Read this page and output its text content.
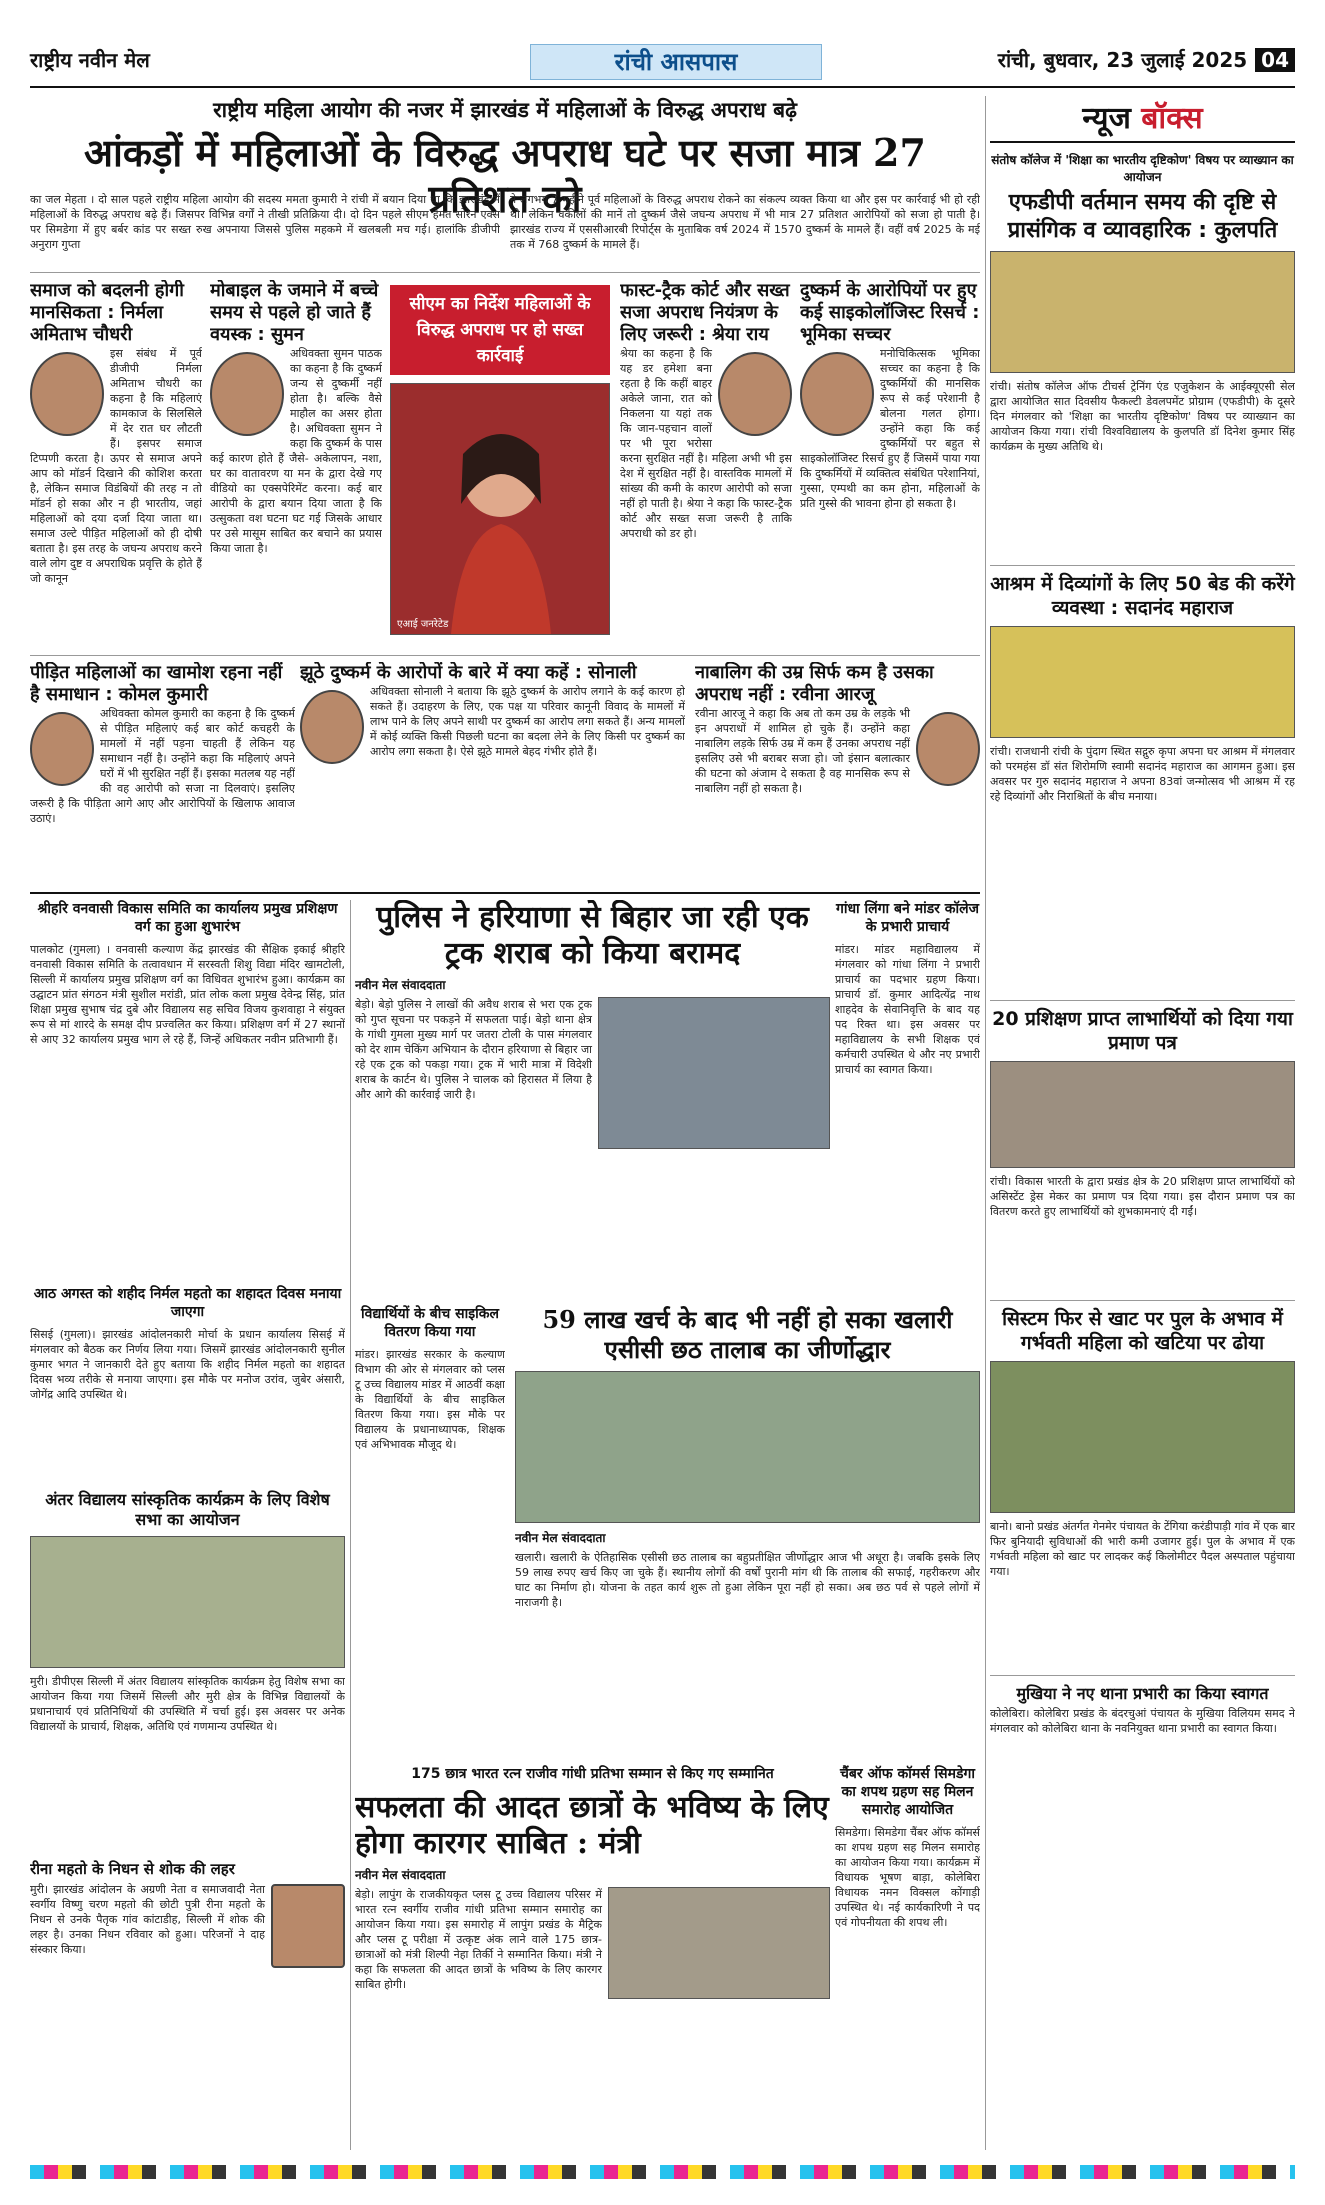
राष्ट्रीय नवीन मेल	रांची आसपास	रांची, बुधवार, 23 जुलाई 2025 04
राष्ट्रीय महिला आयोग की नजर में झारखंड में महिलाओं के विरुद्ध अपराध बढ़े
आंकड़ों में महिलाओं के विरुद्ध अपराध घटे पर सजा मात्र 27 प्रतिशत को
का जल मेहता । दो साल पहले राष्ट्रीय महिला आयोग की सदस्य ममता कुमारी ने रांची में बयान दिया था कि झारखंड में महिलाओं के विरुद्ध अपराध बढ़े हैं। जिसपर विभिन्न वर्गों ने तीखी प्रतिक्रिया दी। दो दिन पहले सीएम हेमंत सोरेन एक्स पर सिमडेगा में हुए बर्बर कांड पर सख्त रुख अपनाया जिससे पुलिस महकमे में खलबली मच गई। हालांकि डीजीपी अनुराग गुप्ता
ने लगभग 7 महीने पूर्व महिलाओं के विरुद्ध अपराध रोकने का संकल्प व्यक्त किया था और इस पर कार्रवाई भी हो रही थी। लेकिन वकीलों की मानें तो दुष्कर्म जैसे जघन्य अपराध में भी मात्र 27 प्रतिशत आरोपियों को सजा हो पाती है। झारखंड राज्य में एससीआरबी रिपोर्ट्स के मुताबिक वर्ष 2024 में 1570 दुष्कर्म के मामले हैं। वहीं वर्ष 2025 के मई तक में 768 दुष्कर्म के मामले हैं।
समाज को बदलनी होगी मानसिकता : निर्मला अमिताभ चौधरी
इस संबंध में पूर्व डीजीपी निर्मला अमिताभ चौधरी का कहना है कि महिलाएं कामकाज के सिलसिले में देर रात घर लौटती हैं। इसपर समाज टिप्पणी करता है। ऊपर से समाज अपने आप को मॉडर्न दिखाने की कोशिश करता है, लेकिन समाज विडंबियों की तरह न तो मॉडर्न हो सका और न ही भारतीय, जहां महिलाओं को दया दर्जा दिया जाता था। समाज उल्टे पीड़ित महिलाओं को ही दोषी बताता है। इस तरह के जघन्य अपराध करने वाले लोग दुष्ट व अपराधिक प्रवृत्ति के होते हैं जो कानून
मोबाइल के जमाने में बच्चे समय से पहले हो जाते हैं वयस्क : सुमन
अधिवक्ता सुमन पाठक का कहना है कि दुष्कर्म जन्य से दुष्कर्मी नहीं होता है। बल्कि वैसे माहौल का असर होता है। अधिवक्ता सुमन ने कहा कि दुष्कर्म के पास कई कारण होते हैं जैसे- अकेलापन, नशा, घर का वातावरण या मन के द्वारा देखे गए वीडियो का एक्सपेरिमेंट करना। कई बार आरोपी के द्वारा बयान दिया जाता है कि उत्सुकता वश घटना घट गई जिसके आधार पर उसे मासूम साबित कर बचाने का प्रयास किया जाता है।
सीएम का निर्देश महिलाओं के विरुद्ध अपराध पर हो सख्त कार्रवाई
एआई जनरेटेड
फास्ट-ट्रैक कोर्ट और सख्त सजा अपराध नियंत्रण के लिए जरूरी : श्रेया राय
श्रेया का कहना है कि यह डर हमेशा बना रहता है कि कहीं बाहर अकेले जाना, रात को निकलना या यहां तक कि जान-पहचान वालों पर भी पूरा भरोसा करना सुरक्षित नहीं है। महिला अभी भी इस देश में सुरक्षित नहीं है। वास्तविक मामलों में सांख्य की कमी के कारण आरोपी को सजा नहीं हो पाती है। श्रेया ने कहा कि फास्ट-ट्रैक कोर्ट और सख्त सजा जरूरी है ताकि अपराधी को डर हो।
दुष्कर्म के आरोपियों पर हुए कई साइकोलॉजिस्ट रिसर्च : भूमिका सच्चर
मनोचिकित्सक भूमिका सच्चर का कहना है कि दुष्कर्मियों की मानसिक रूप से कई परेशानी है बोलना गलत होगा। उन्होंने कहा कि कई दुष्कर्मियों पर बहुत से साइकोलॉजिस्ट रिसर्च हुए हैं जिसमें पाया गया कि दुष्कर्मियों में व्यक्तित्व संबंधित परेशानियां, गुस्सा, एम्पथी का कम होना, महिलाओं के प्रति गुस्से की भावना होना हो सकता है।
पीड़ित महिलाओं का खामोश रहना नहीं है समाधान : कोमल कुमारी
अधिवक्ता कोमल कुमारी का कहना है कि दुष्कर्म से पीड़ित महिलाएं कई बार कोर्ट कचहरी के मामलों में नहीं पड़ना चाहती हैं लेकिन यह समाधान नहीं है। उन्होंने कहा कि महिलाएं अपने घरों में भी सुरक्षित नहीं हैं। इसका मतलब यह नहीं की वह आरोपी को सजा ना दिलवाएं। इसलिए जरूरी है कि पीड़िता आगे आए और आरोपियों के खिलाफ आवाज उठाएं।
झूठे दुष्कर्म के आरोपों के बारे में क्या कहें : सोनाली
अधिवक्ता सोनाली ने बताया कि झूठे दुष्कर्म के आरोप लगाने के कई कारण हो सकते हैं। उदाहरण के लिए, एक पक्ष या परिवार कानूनी विवाद के मामलों में लाभ पाने के लिए अपने साथी पर दुष्कर्म का आरोप लगा सकते हैं। अन्य मामलों में कोई व्यक्ति किसी पिछली घटना का बदला लेने के लिए किसी पर दुष्कर्म का आरोप लगा सकता है। ऐसे झूठे मामले बेहद गंभीर होते हैं।
नाबालिग की उम्र सिर्फ कम है उसका अपराध नहीं : रवीना आरजू
रवीना आरजू ने कहा कि अब तो कम उम्र के लड़के भी इन अपराधों में शामिल हो चुके हैं। उन्होंने कहा नाबालिग लड़के सिर्फ उम्र में कम हैं उनका अपराध नहीं इसलिए उसे भी बराबर सजा हो। जो इंसान बलात्कार की घटना को अंजाम दे सकता है वह मानसिक रूप से नाबालिग नहीं हो सकता है।
श्रीहरि वनवासी विकास समिति का कार्यालय प्रमुख प्रशिक्षण वर्ग का हुआ शुभारंभ
पालकोट (गुमला) । वनवासी कल्याण केंद्र झारखंड की सैक्षिक इकाई श्रीहरि वनवासी विकास समिति के तत्वावधान में सरस्वती शिशु विद्या मंदिर खामटोली, सिल्ली में कार्यालय प्रमुख प्रशिक्षण वर्ग का विधिवत शुभारंभ हुआ। कार्यक्रम का उद्घाटन प्रांत संगठन मंत्री सुशील मरांडी, प्रांत लोक कला प्रमुख देवेन्द्र सिंह, प्रांत शिक्षा प्रमुख सुभाष चंद्र दुबे और विद्यालय सह सचिव विजय कुशवाहा ने संयुक्त रूप से मां शारदे के समक्ष दीप प्रज्वलित कर किया। प्रशिक्षण वर्ग में 27 स्थानों से आए 32 कार्यालय प्रमुख भाग ले रहे हैं, जिन्हें अधिकतर नवीन प्रतिभागी हैं।
आठ अगस्त को शहीद निर्मल महतो का शहादत दिवस मनाया जाएगा
सिसई (गुमला)। झारखंड आंदोलनकारी मोर्चा के प्रधान कार्यालय सिसई में मंगलवार को बैठक कर निर्णय लिया गया। जिसमें झारखंड आंदोलनकारी सुनील कुमार भगत ने जानकारी देते हुए बताया कि शहीद निर्मल महतो का शहादत दिवस भव्य तरीके से मनाया जाएगा। इस मौके पर मनोज उरांव, जुबेर अंसारी, जोगेंद्र आदि उपस्थित थे।
अंतर विद्यालय सांस्कृतिक कार्यक्रम के लिए विशेष सभा का आयोजन
मुरी। डीपीएस सिल्ली में अंतर विद्यालय सांस्कृतिक कार्यक्रम हेतु विशेष सभा का आयोजन किया गया जिसमें सिल्ली और मुरी क्षेत्र के विभिन्न विद्यालयों के प्रधानाचार्य एवं प्रतिनिधियों की उपस्थिति में चर्चा हुई। इस अवसर पर अनेक विद्यालयों के प्राचार्य, शिक्षक, अतिथि एवं गणमान्य उपस्थित थे।
रीना महतो के निधन से शोक की लहर
मुरी। झारखंड आंदोलन के अग्रणी नेता व समाजवादी नेता स्वर्गीय विष्णु चरण महतो की छोटी पुत्री रीना महतो के निधन से उनके पैतृक गांव कांटाडीह, सिल्ली में शोक की लहर है। उनका निधन रविवार को हुआ। परिजनों ने दाह संस्कार किया।
पुलिस ने हरियाणा से बिहार जा रही एक ट्रक शराब को किया बरामद
नवीन मेल संवाददाता
बेड़ो। बेड़ो पुलिस ने लाखों की अवैध शराब से भरा एक ट्रक को गुप्त सूचना पर पकड़ने में सफलता पाई। बेड़ो थाना क्षेत्र के गांधी गुमला मुख्य मार्ग पर जतरा टोली के पास मंगलवार को देर शाम चेकिंग अभियान के दौरान हरियाणा से बिहार जा रहे एक ट्रक को पकड़ा गया। ट्रक में भारी मात्रा में विदेशी शराब के कार्टन थे। पुलिस ने चालक को हिरासत में लिया है और आगे की कार्रवाई जारी है।
गांधा लिंगा बने मांडर कॉलेज के प्रभारी प्राचार्य
मांडर। मांडर महाविद्यालय में मंगलवार को गांधा लिंगा ने प्रभारी प्राचार्य का पदभार ग्रहण किया। प्राचार्य डॉ. कुमार आदित्येंद्र नाथ शाहदेव के सेवानिवृत्ति के बाद यह पद रिक्त था। इस अवसर पर महाविद्यालय के सभी शिक्षक एवं कर्मचारी उपस्थित थे और नए प्रभारी प्राचार्य का स्वागत किया।
विद्यार्थियों के बीच साइकिल वितरण किया गया
मांडर। झारखंड सरकार के कल्याण विभाग की ओर से मंगलवार को प्लस टू उच्च विद्यालय मांडर में आठवीं कक्षा के विद्यार्थियों के बीच साइकिल वितरण किया गया। इस मौके पर विद्यालय के प्रधानाध्यापक, शिक्षक एवं अभिभावक मौजूद थे।
59 लाख खर्च के बाद भी नहीं हो सका खलारी एसीसी छठ तालाब का जीर्णोद्धार
नवीन मेल संवाददाता
खलारी। खलारी के ऐतिहासिक एसीसी छठ तालाब का बहुप्रतीक्षित जीर्णोद्धार आज भी अधूरा है। जबकि इसके लिए 59 लाख रुपए खर्च किए जा चुके हैं। स्थानीय लोगों की वर्षों पुरानी मांग थी कि तालाब की सफाई, गहरीकरण और घाट का निर्माण हो। योजना के तहत कार्य शुरू तो हुआ लेकिन पूरा नहीं हो सका। अब छठ पर्व से पहले लोगों में नाराजगी है।
175 छात्र भारत रत्न राजीव गांधी प्रतिभा सम्मान से किए गए सम्मानित
सफलता की आदत छात्रों के भविष्य के लिए होगा कारगर साबित : मंत्री
नवीन मेल संवाददाता
बेड़ो। लापुंग के राजकीयकृत प्लस टू उच्च विद्यालय परिसर में भारत रत्न स्वर्गीय राजीव गांधी प्रतिभा सम्मान समारोह का आयोजन किया गया। इस समारोह में लापुंग प्रखंड के मैट्रिक और प्लस टू परीक्षा में उत्कृष्ट अंक लाने वाले 175 छात्र-छात्राओं को मंत्री शिल्पी नेहा तिर्की ने सम्मानित किया। मंत्री ने कहा कि सफलता की आदत छात्रों के भविष्य के लिए कारगर साबित होगी।
चैंबर ऑफ कॉमर्स सिमडेगा का शपथ ग्रहण सह मिलन समारोह आयोजित
सिमडेगा। सिमडेगा चैंबर ऑफ कॉमर्स का शपथ ग्रहण सह मिलन समारोह का आयोजन किया गया। कार्यक्रम में विधायक भूषण बाड़ा, कोलेबिरा विधायक नमन विक्सल कोंगाड़ी उपस्थित थे। नई कार्यकारिणी ने पद एवं गोपनीयता की शपथ ली।
न्यूज बॉक्स
संतोष कॉलेज में 'शिक्षा का भारतीय दृष्टिकोण' विषय पर व्याख्यान का आयोजन
एफडीपी वर्तमान समय की दृष्टि से प्रासंगिक व व्यावहारिक : कुलपति
रांची। संतोष कॉलेज ऑफ टीचर्स ट्रेनिंग एंड एजुकेशन के आईक्यूएसी सेल द्वारा आयोजित सात दिवसीय फैकल्टी डेवलपमेंट प्रोग्राम (एफडीपी) के दूसरे दिन मंगलवार को 'शिक्षा का भारतीय दृष्टिकोण' विषय पर व्याख्यान का आयोजन किया गया। रांची विश्वविद्यालय के कुलपति डॉ दिनेश कुमार सिंह कार्यक्रम के मुख्य अतिथि थे।
आश्रम में दिव्यांगों के लिए 50 बेड की करेंगे व्यवस्था : सदानंद महाराज
रांची। राजधानी रांची के पुंदाग स्थित सद्गुरु कृपा अपना घर आश्रम में मंगलवार को परमहंस डॉ संत शिरोमणि स्वामी सदानंद महाराज का आगमन हुआ। इस अवसर पर गुरु सदानंद महाराज ने अपना 83वां जन्मोत्सव भी आश्रम में रह रहे दिव्यांगों और निराश्रितों के बीच मनाया।
20 प्रशिक्षण प्राप्त लाभार्थियों को दिया गया प्रमाण पत्र
रांची। विकास भारती के द्वारा प्रखंड क्षेत्र के 20 प्रशिक्षण प्राप्त लाभार्थियों को असिस्टेंट ड्रेस मेकर का प्रमाण पत्र दिया गया। इस दौरान प्रमाण पत्र का वितरण करते हुए लाभार्थियों को शुभकामनाएं दी गईं।
सिस्टम फिर से खाट पर पुल के अभाव में गर्भवती महिला को खटिया पर ढोया
बानो। बानो प्रखंड अंतर्गत गेनमेर पंचायत के टेंगिया करंडीपाड़ी गांव में एक बार फिर बुनियादी सुविधाओं की भारी कमी उजागर हुई। पुल के अभाव में एक गर्भवती महिला को खाट पर लादकर कई किलोमीटर पैदल अस्पताल पहुंचाया गया।
मुखिया ने नए थाना प्रभारी का किया स्वागत
कोलेबिरा। कोलेबिरा प्रखंड के बंदरचुआं पंचायत के मुखिया विलियम समद ने मंगलवार को कोलेबिरा थाना के नवनियुक्त थाना प्रभारी का स्वागत किया।
